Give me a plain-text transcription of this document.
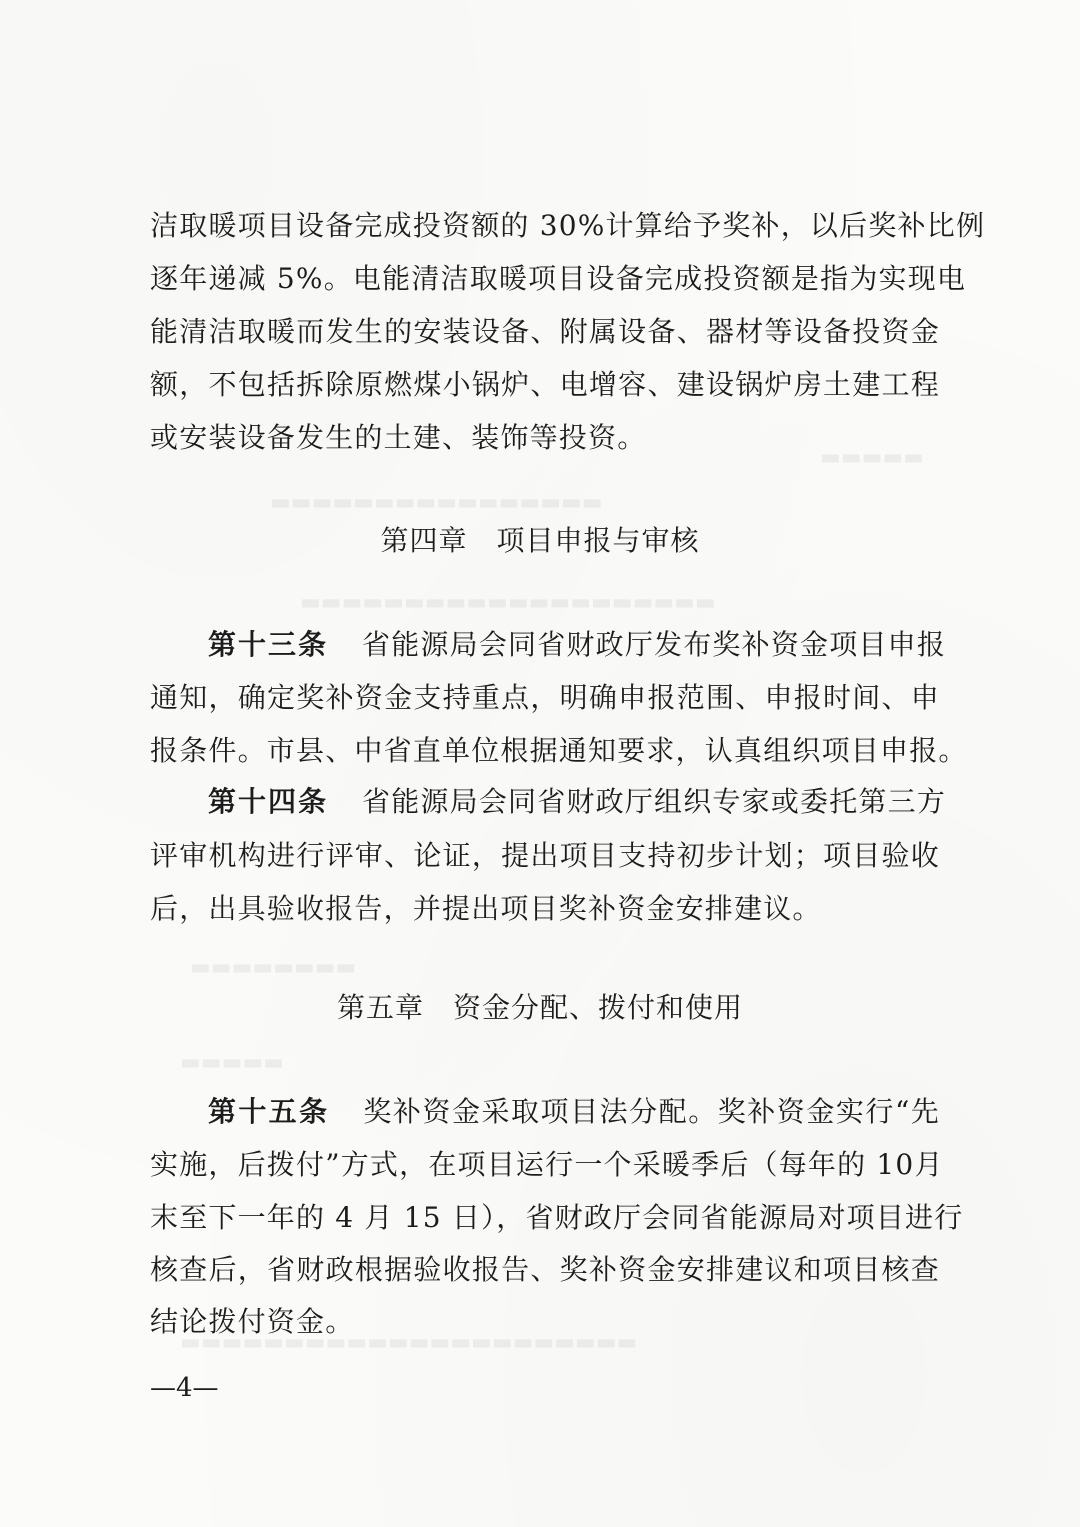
▬▬▬▬▬
▬▬▬▬▬▬▬▬▬▬▬▬▬▬▬▬
▬▬▬▬▬▬▬▬▬▬▬▬▬▬▬▬▬▬▬▬
▬▬▬▬▬▬▬▬
▬▬▬▬▬
▬▬▬▬▬▬▬▬▬▬▬▬▬▬▬▬▬▬▬▬▬▬
洁取暖项目设备完成投资额的 30%计算给予奖补，以后奖补比例
逐年递减 5%。电能清洁取暖项目设备完成投资额是指为实现电
能清洁取暖而发生的安装设备、附属设备、器材等设备投资金
额，不包括拆除原燃煤小锅炉、电增容、建设锅炉房土建工程
或安装设备发生的土建、装饰等投资。
第四章　项目申报与审核
第十三条 省能源局会同省财政厅发布奖补资金项目申报
通知，确定奖补资金支持重点，明确申报范围、申报时间、申
报条件。市县、中省直单位根据通知要求，认真组织项目申报。
第十四条 省能源局会同省财政厅组织专家或委托第三方
评审机构进行评审、论证，提出项目支持初步计划；项目验收
后，出具验收报告，并提出项目奖补资金安排建议。
第五章　资金分配、拨付和使用
第十五条 奖补资金采取项目法分配。奖补资金实行“先
实施，后拨付”方式，在项目运行一个采暖季后（每年的 10月
末至下一年的 4 月 15 日），省财政厅会同省能源局对项目进行
核查后，省财政根据验收报告、奖补资金安排建议和项目核查
结论拨付资金。
—4—
